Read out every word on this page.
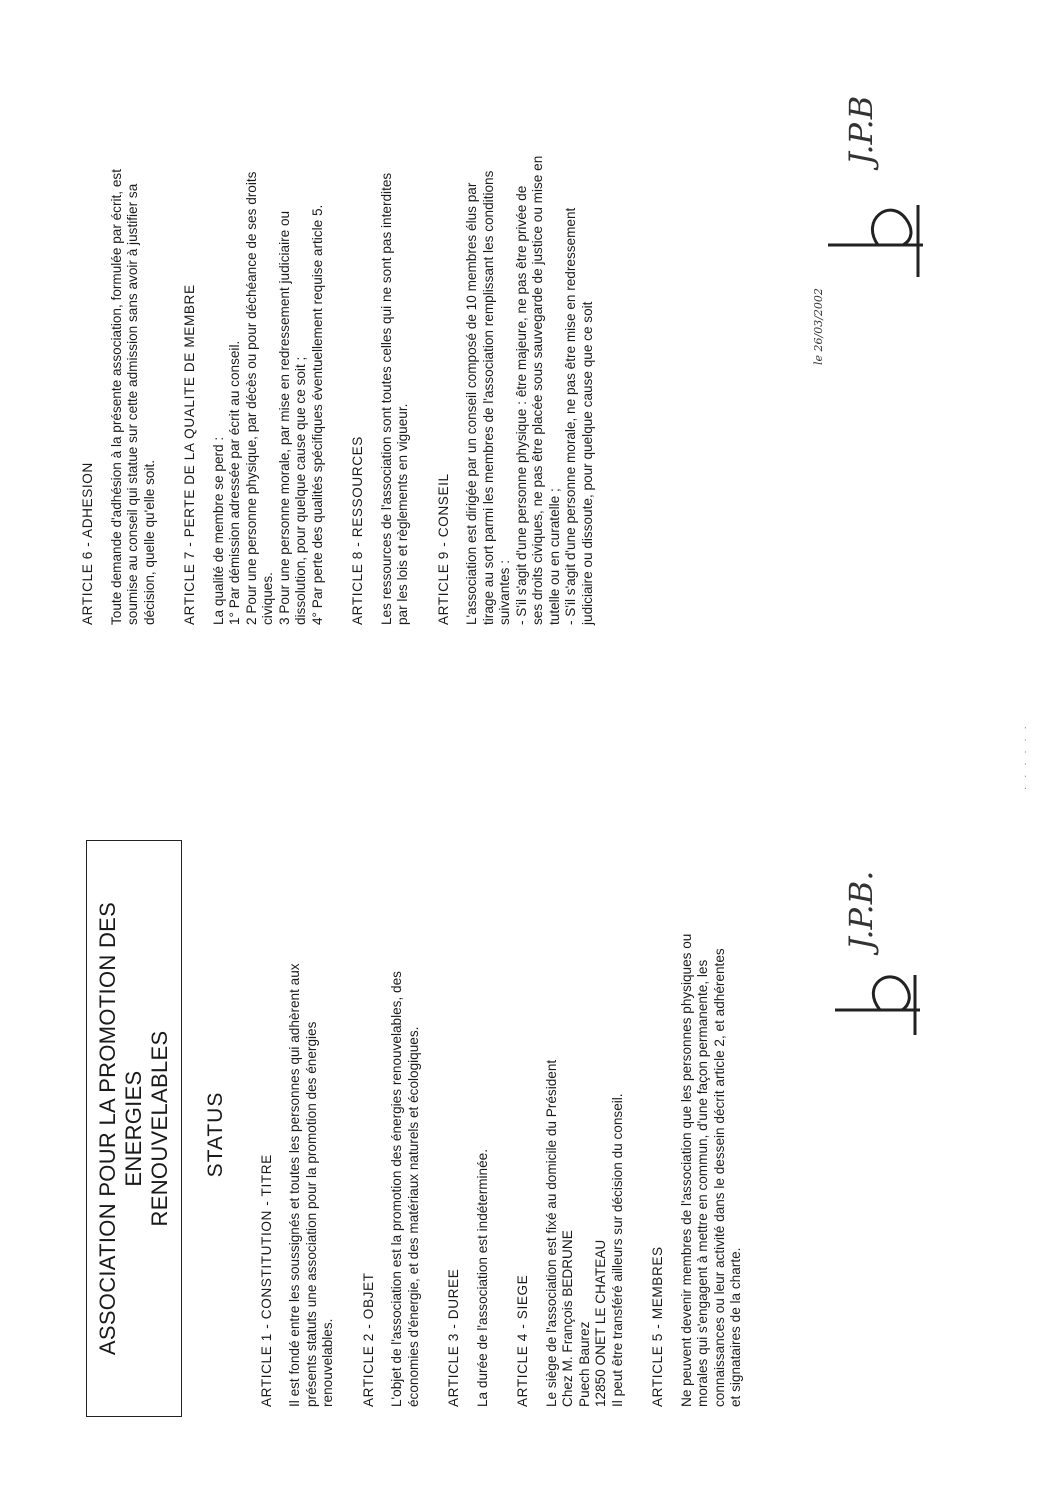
ARTICLE 6 - ADHESION Toute demande d'adhésion à la présente association, formulée par écrit, est soumise au conseil qui statue sur cette admission sans avoir à justifier sa décision, quelle qu'elle soit. ARTICLE 7 - PERTE DE LA QUALITE DE MEMBRE La qualité de membre se perd : 1° Par démission adressée par écrit au conseil. 2 Pour une personne physique, par décès ou pour déchéance de ses droits civiques. 3 Pour une personne morale, par mise en redressement judiciaire ou dissolution, pour quelque cause que ce soit ; 4° Par perte des qualités spécifiques éventuellement requise article 5. ARTICLE 8 - RESSOURCES Les ressources de l'association sont toutes celles qui ne sont pas interdites par les lois et règlements en vigueur. ARTICLE 9 - CONSEIL L'association est dirigée par un conseil composé de 10 membres élus par tirage au sort parmi les membres de l'association remplissant les conditions suivantes : - S'il s'agit d'une personne physique : être majeure, ne pas être privée de ses droits civiques, ne pas être placée sous sauvegarde de justice ou mise en tutelle ou en curatelle ; - S'il s'agit d'une personne morale, ne pas être mise en redressement judiciaire ou dissoute, pour quelque cause que ce soit
ASSOCIATION POUR LA PROMOTION DES ENERGIES RENOUVELABLES STATUS
ARTICLE 1 - CONSTITUTION - TITRE Il est fondé entre les soussignés et toutes les personnes qui adhèrent aux présents statuts une association pour la promotion des énergies renouvelables. ARTICLE 2 - OBJET L'objet de l'association est la promotion des énergies renouvelables, des économies d'énergie, et des matériaux naturels et écologiques. ARTICLE 3 - DUREE La durée de l'association est indéterminée. ARTICLE 4 - SIEGE Le siège de l'association est fixé au domicile du Président Chez M. François BEDRUNE Puech Baurez 12850 ONET LE CHATEAU Il peut être transféré ailleurs sur décision du conseil. ARTICLE 5 - MEMBRES Ne peuvent devenir membres de l'association que les personnes physiques ou morales qui s'engagent à mettre en commun, d'une façon permanente, les connaissances ou leur activité dans le dessein décrit article 2, et adhérentes et signataires de la charte.
J.P.B.
J.P.B
le 26/03/2002
· · · · · ·
